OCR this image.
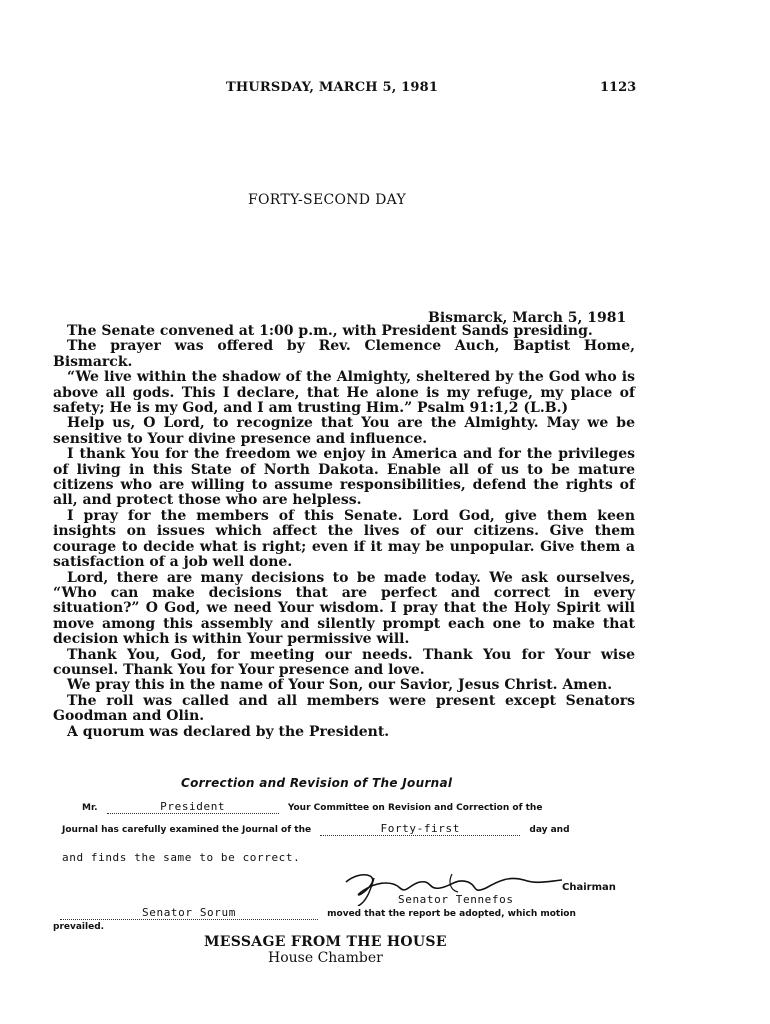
THURSDAY, MARCH 5, 1981	1123
FORTY-SECOND DAY
Bismarck, March 5, 1981

The Senate convened at 1:00 p.m., with President Sands presiding.

The prayer was offered by Rev. Clemence Auch, Baptist Home, Bismarck.

“We live within the shadow of the Almighty, sheltered by the God who is above all gods. This I declare, that He alone is my refuge, my place of safety; He is my God, and I am trusting Him.” Psalm 91:1,2 (L.B.)

Help us, O Lord, to recognize that You are the Almighty. May we be sensitive to Your divine presence and influence.

I thank You for the freedom we enjoy in America and for the privileges of living in this State of North Dakota. Enable all of us to be mature citizens who are willing to assume responsibilities, defend the rights of all, and protect those who are helpless.

I pray for the members of this Senate. Lord God, give them keen insights on issues which affect the lives of our citizens. Give them courage to decide what is right; even if it may be unpopular. Give them a satisfaction of a job well done.

Lord, there are many decisions to be made today. We ask ourselves, “Who can make decisions that are perfect and correct in every situation?” O God, we need Your wisdom. I pray that the Holy Spirit will move among this assembly and silently prompt each one to make that decision which is within Your permissive will.

Thank You, God, for meeting our needs. Thank You for Your wise counsel. Thank You for Your presence and love.

We pray this in the name of Your Son, our Savior, Jesus Christ. Amen.

The roll was called and all members were present except Senators Goodman and Olin.

A quorum was declared by the President.

Correction and Revision of The Journal
Mr.	President	Your Committee on Revision and Correction of the
Journal has carefully examined the Journal of the	Forty-first	day and
and finds the same to be correct.
Chairman
Senator Tennefos
Senator Sorum	moved that the report be adopted, which motion
prevailed.
MESSAGE FROM THE HOUSE
House Chamber
